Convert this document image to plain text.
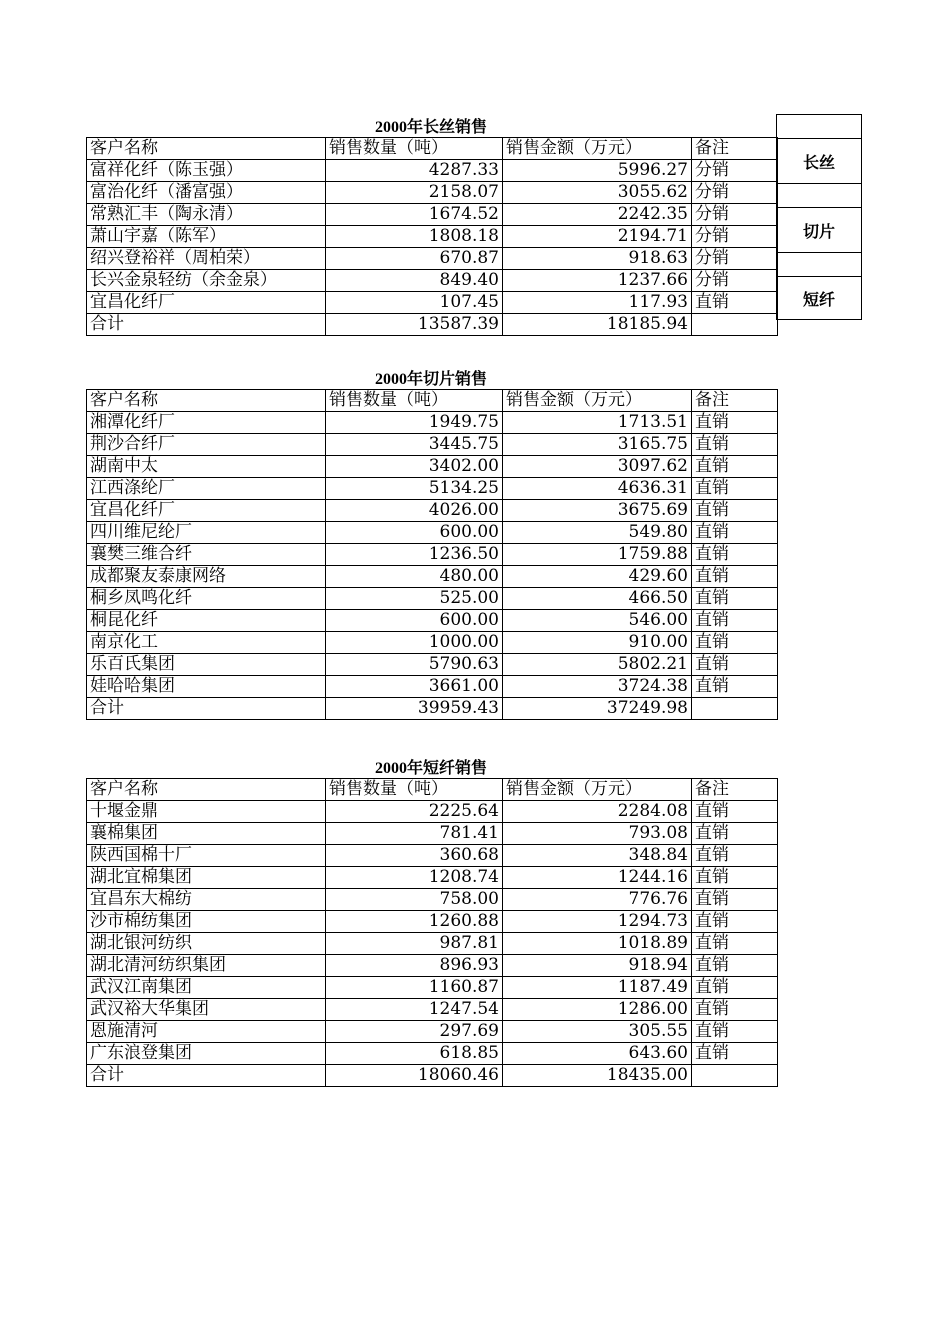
2000年长丝销售
客户名称	销售数量（吨）	销售金额（万元）	备注
富祥化纤（陈玉强）	4287.33	5996.27	分销
富治化纤（潘富强）	2158.07	3055.62	分销
常熟汇丰（陶永清）	1674.52	2242.35	分销
萧山宇嘉（陈军）	1808.18	2194.71	分销
绍兴登裕祥（周柏荣）	670.87	918.63	分销
长兴金泉轻纺（余金泉）	849.40	1237.66	分销
宜昌化纤厂	107.45	117.93	直销
合计	13587.39	18185.94	
2000年切片销售
客户名称	销售数量（吨）	销售金额（万元）	备注
湘潭化纤厂	1949.75	1713.51	直销
荆沙合纤厂	3445.75	3165.75	直销
湖南中太	3402.00	3097.62	直销
江西涤纶厂	5134.25	4636.31	直销
宜昌化纤厂	4026.00	3675.69	直销
四川维尼纶厂	600.00	549.80	直销
襄樊三维合纤	1236.50	1759.88	直销
成都聚友泰康网络	480.00	429.60	直销
桐乡凤鸣化纤	525.00	466.50	直销
桐昆化纤	600.00	546.00	直销
南京化工	1000.00	910.00	直销
乐百氏集团	5790.63	5802.21	直销
娃哈哈集团	3661.00	3724.38	直销
合计	39959.43	37249.98	
2000年短纤销售
客户名称	销售数量（吨）	销售金额（万元）	备注
十堰金鼎	2225.64	2284.08	直销
襄棉集团	781.41	793.08	直销
陕西国棉十厂	360.68	348.84	直销
湖北宜棉集团	1208.74	1244.16	直销
宜昌东大棉纺	758.00	776.76	直销
沙市棉纺集团	1260.88	1294.73	直销
湖北银河纺织	987.81	1018.89	直销
湖北清河纺织集团	896.93	918.94	直销
武汉江南集团	1160.87	1187.49	直销
武汉裕大华集团	1247.54	1286.00	直销
恩施清河	297.69	305.55	直销
广东浪登集团	618.85	643.60	直销
合计	18060.46	18435.00	
长丝
切片
短纤
